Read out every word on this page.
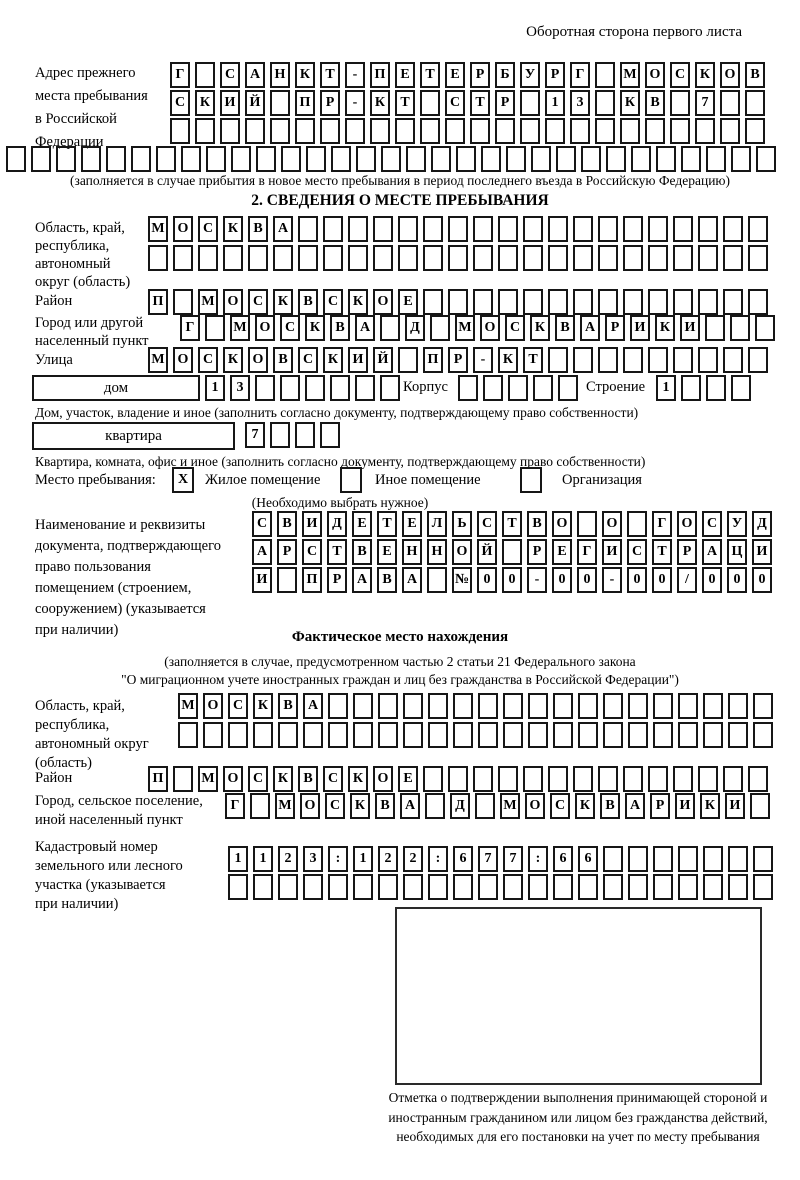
Оборотная сторона первого листа
Адрес прежнего
места пребывания
в Российской
Федерации
Г	С	А	Н	К	Т	-	П	Е	Т	Е	Р	Б	У	Р	Г	М О	С	К	О	В
С	К	И	Й	П	Р	-	К	Т	С	Т	Р	1	3	К	В	7
(заполняется в случае прибытия в новое место пребывания в период последнего въезда в Российскую Федерацию)
2. СВЕДЕНИЯ О МЕСТЕ ПРЕБЫВАНИЯ
Область, край,
республика,
автономный
округ (область)
М О	С	К	В	А
Район	П	М О	С	К	В	С	К	О	Е
Город или другой
населенный пункт
Г	М О	С	К	В	А	Д	М О	С	К	В	А	Р	И	К	И
Улица	М О	С	К	О	В	С	К	И	Й	П	Р	-	К	Т
дом	1	3	Корпус	Строение	1
Дом, участок, владение и иное (заполнить согласно документу, подтверждающему право собственности)
квартира	7
Квартира, комната, офис и иное (заполнить согласно документу, подтверждающему право собственности)
Место пребывания:	X	Жилое помещение	Иное помещение	Организация
(Необходимо выбрать нужное)
Наименование и реквизиты
документа, подтверждающего
право пользования
помещением (строением,
сооружением) (указывается
при наличии)
С	В	И	Д	Е	Т	Е	Л	Ь	С	Т	В	О	О	Г	О	С	У	Д
А	Р	С	Т	В	Е	Н	Н	О	Й	Р	Е	Г	И	С	Т	Р	А	Ц	И
И	П	Р	А	В	А	№	0	0	-	0	0	-	0	0	/	0	0	0
Фактическое место нахождения
(заполняется в случае, предусмотренном частью 2 статьи 21 Федерального закона
"О миграционном учете иностранных граждан и лиц без гражданства в Российской Федерации")
Область, край,
республика,
автономный округ
(область)
М О	С	К	В	А
Район	П	М О	С	К	В	С	К	О	Е
Город, сельское поселение,
иной населенный пункт
Г	М О	С	К	В	А	Д	М О	С	К	В	А	Р	И	К	И
Кадастровый номер
земельного или лесного
участка (указывается
при наличии)
1	1	2	3	:	1	2	2	:	6	7	7	:	6	6
Отметка о подтверждении выполнения принимающей стороной и иностранным гражданином или лицом без гражданства действий, необходимых для его постановки на учет по месту пребывания
